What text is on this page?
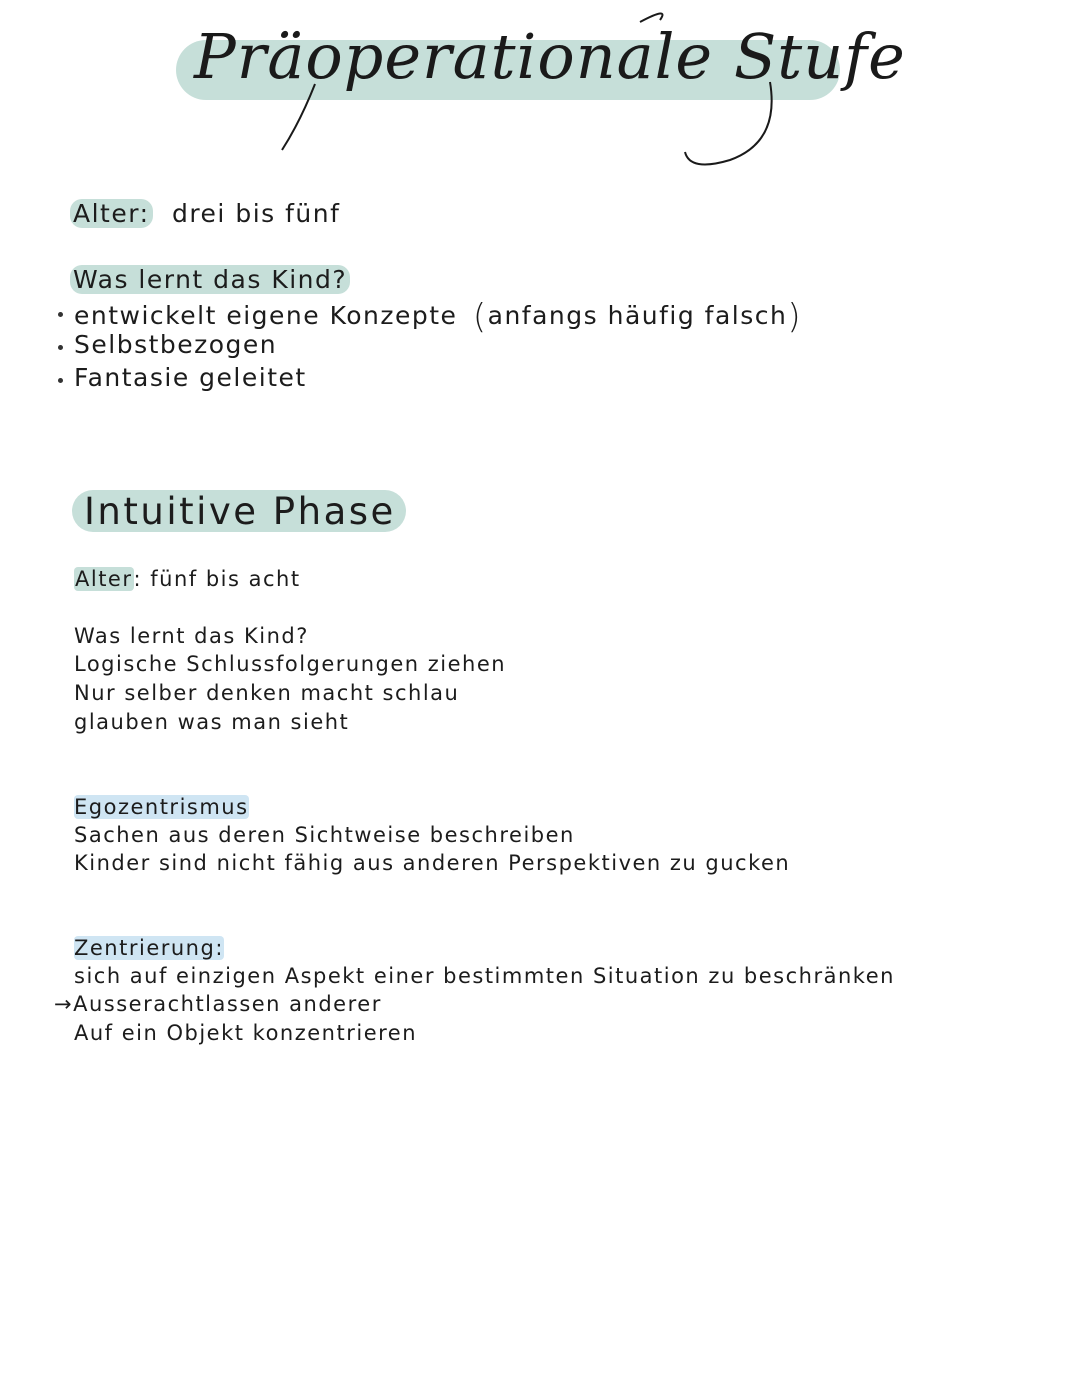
Präoperationale Stufe
Alter: drei bis fünf
Was lernt das Kind?
entwickelt eigene Konzepte (anfangs häufig falsch)
Selbstbezogen
Fantasie geleitet
Intuitive Phase
Alter: fünf bis acht
Was lernt das Kind?
Logische Schlussfolgerungen ziehen
Nur selber denken macht schlau
glauben was man sieht
Egozentrismus
Sachen aus deren Sichtweise beschreiben
Kinder sind nicht fähig aus anderen Perspektiven zu gucken
Zentrierung:
sich auf einzigen Aspekt einer bestimmten Situation zu beschränken
→Ausserachtlassen anderer
Auf ein Objekt konzentrieren
